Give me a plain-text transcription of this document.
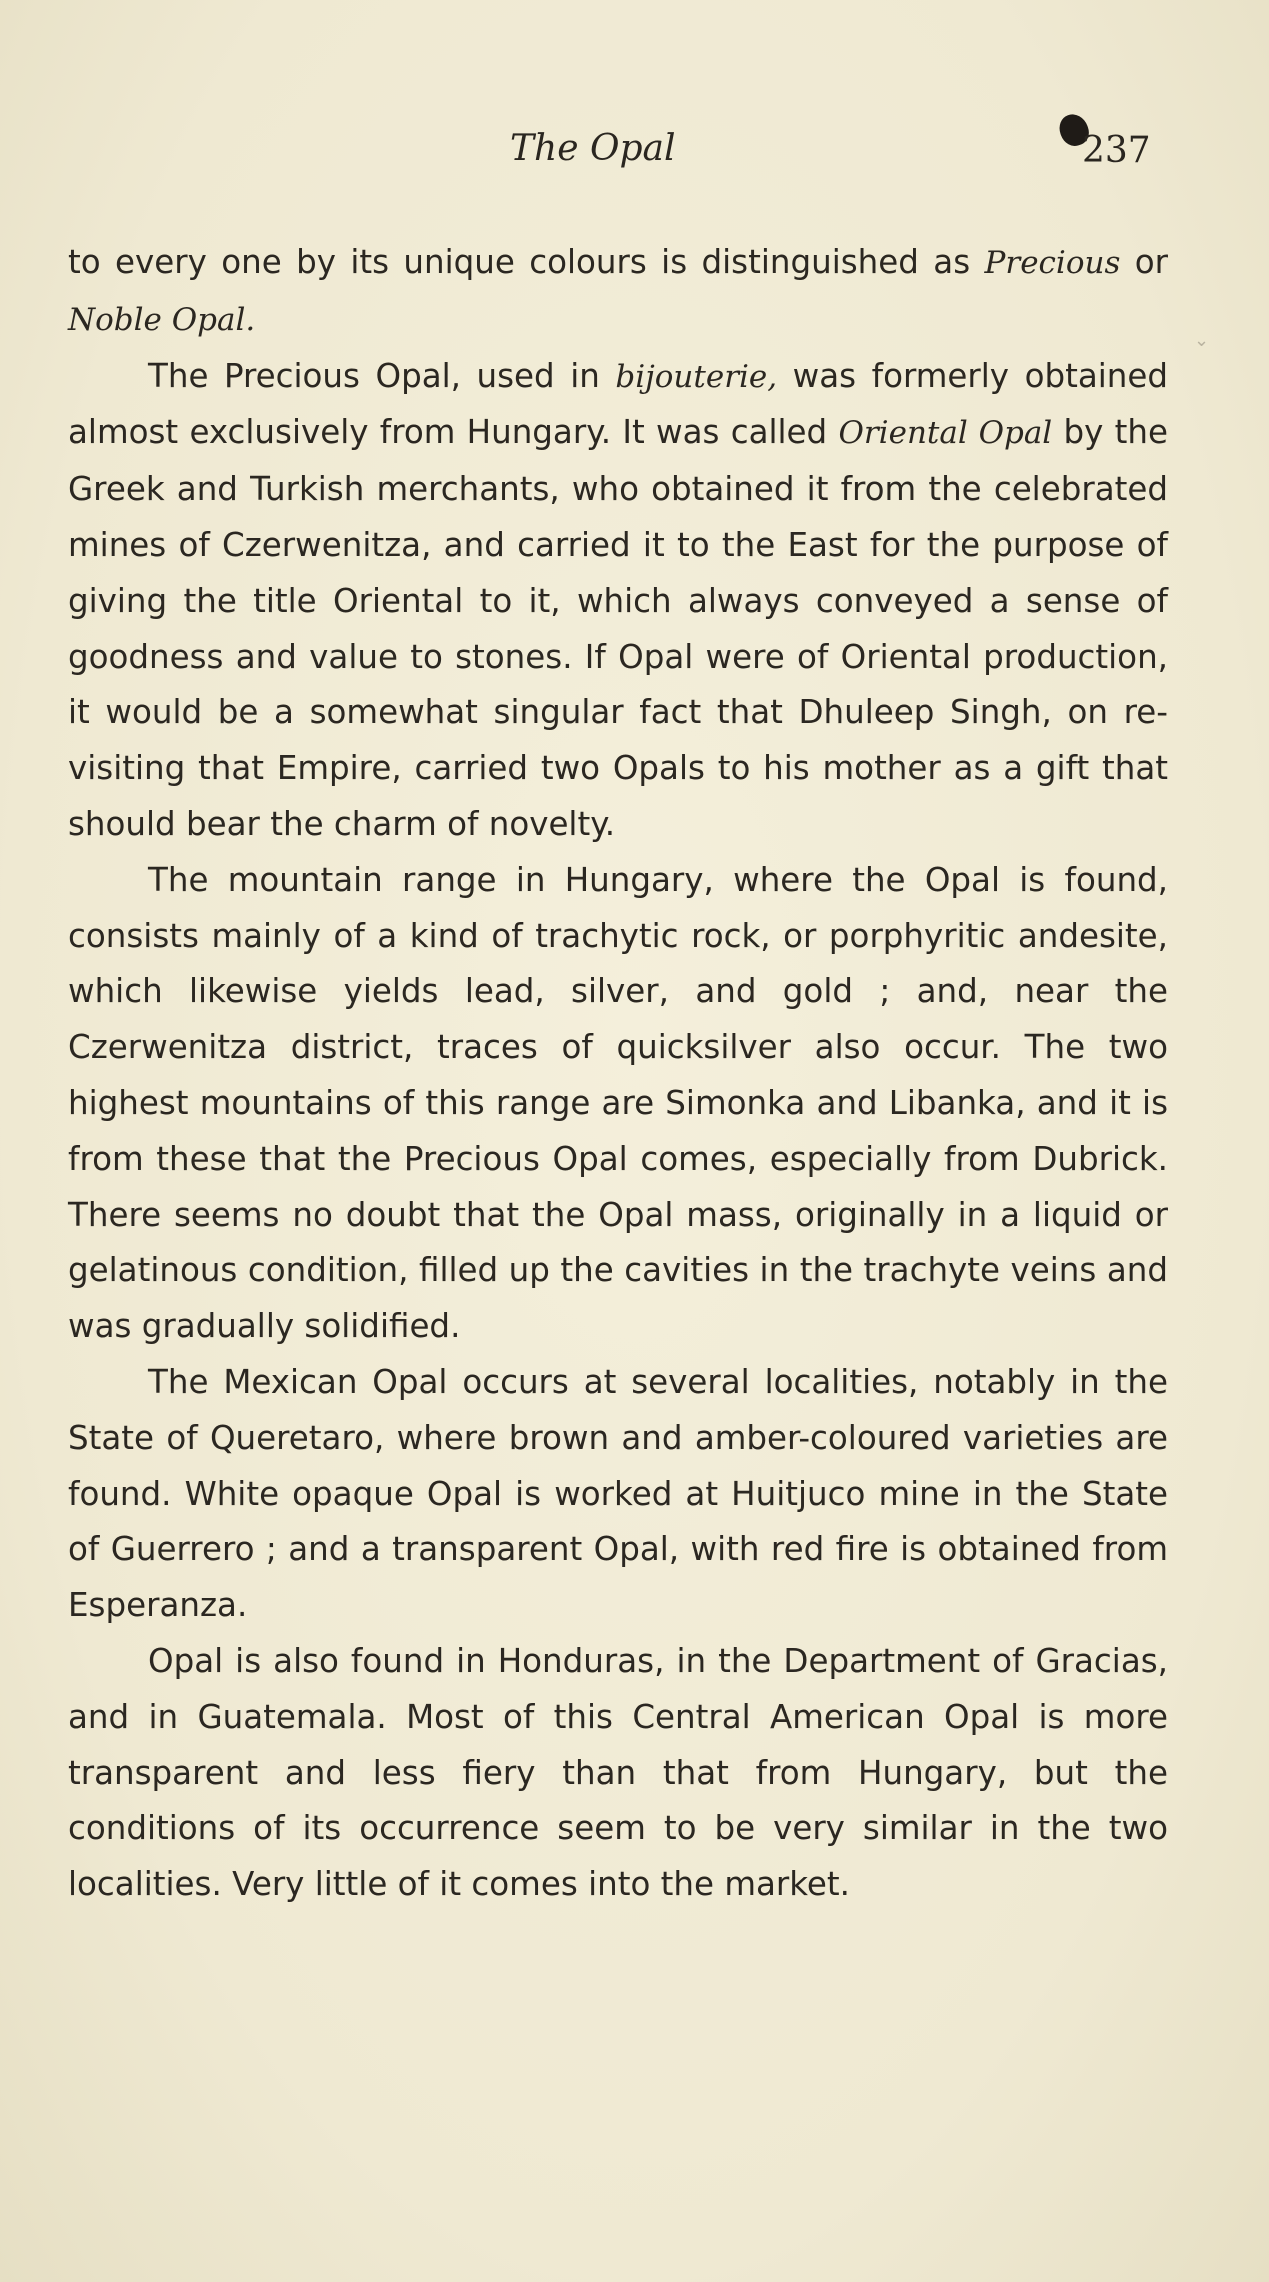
The Opal	237
⌄

to every one by its unique colours is distinguished as Precious or Noble Opal.

The Precious Opal, used in bijouterie, was formerly obtained almost exclusively from Hungary. It was called Oriental Opal by the Greek and Turkish merchants, who obtained it from the celebrated mines of Czerwenitza, and carried it to the East for the purpose of giving the title Oriental to it, which always conveyed a sense of goodness and value to stones. If Opal were of Oriental production, it would be a somewhat singular fact that Dhuleep Singh, on re-visiting that Empire, carried two Opals to his mother as a gift that should bear the charm of novelty.

The mountain range in Hungary, where the Opal is found, consists mainly of a kind of trachytic rock, or porphyritic andesite, which likewise yields lead, silver, and gold ; and, near the Czerwenitza district, traces of quicksilver also occur. The two highest mountains of this range are Simonka and Libanka, and it is from these that the Precious Opal comes, especially from Dubrick. There seems no doubt that the Opal mass, originally in a liquid or gelatinous condition, filled up the cavities in the trachyte veins and was gradually solidified.

The Mexican Opal occurs at several localities, notably in the State of Queretaro, where brown and amber-coloured varieties are found. White opaque Opal is worked at Huitjuco mine in the State of Guerrero ; and a transparent Opal, with red fire is obtained from Esperanza.

Opal is also found in Honduras, in the Department of Gracias, and in Guatemala. Most of this Central American Opal is more transparent and less fiery than that from Hungary, but the conditions of its occurrence seem to be very similar in the two localities. Very little of it comes into the market.
